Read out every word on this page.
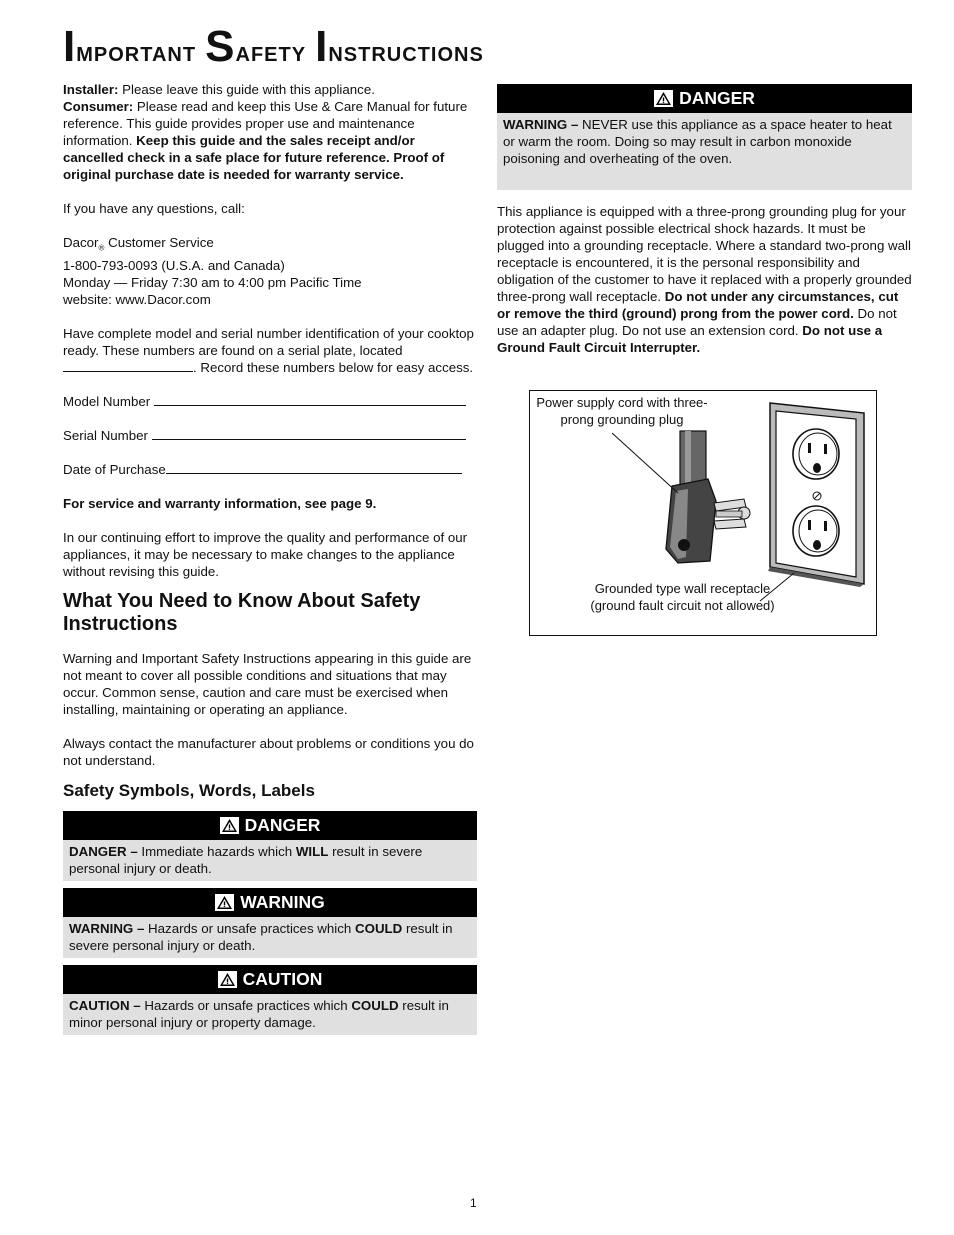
Important Safety Instructions

Installer: Please leave this guide with this appliance.

Consumer: Please read and keep this Use & Care Manual for future reference. This guide provides proper use and maintenance information. Keep this guide and the sales receipt and/or cancelled check in a safe place for future reference. Proof of original purchase date is needed for warranty service.

If you have any questions, call:

Dacor$_®$ Customer Service

1-800-793-0093 (U.S.A. and Canada)

Monday — Friday 7:30 am to 4:00 pm Pacific Time

website: www.Dacor.com

Have complete model and serial number identification of your cooktop ready. These numbers are found on a serial plate, located. Record these numbers below for easy access.

Model Number

Serial Number

Date of Purchase

For service and warranty information, see page 9.

In our continuing effort to improve the quality and performance of our appliances, it may be necessary to make changes to the appliance without revising this guide.

What You Need to Know About Safety Instructions

Warning and Important Safety Instructions appearing in this guide are not meant to cover all possible conditions and situations that may occur. Common sense, caution and care must be exercised when installing, maintaining or operating an appliance.

Always contact the manufacturer about problems or conditions you do not understand.

Safety Symbols, Words, Labels
DANGER
DANGER – Immediate hazards which WILL result in severe personal injury or death.
WARNING
WARNING – Hazards or unsafe practices which COULD result in severe personal injury or death.
CAUTION
CAUTION – Hazards or unsafe practices which COULD result in minor personal injury or property damage.
DANGER
WARNING – NEVER use this appliance as a space heater to heat or warm the room. Doing so may result in carbon monoxide poisoning and overheating of the oven.

This appliance is equipped with a three-prong grounding plug for your protection against possible electrical shock hazards. It must be plugged into a grounding receptacle. Where a standard two-prong wall receptacle is encountered, it is the personal responsibility and obligation of the customer to have it replaced with a properly grounded three-prong wall receptacle. Do not under any circumstances, cut or remove the third (ground) prong from the power cord. Do not use an adapter plug. Do not use an extension cord. Do not use a Ground Fault Circuit Interrupter.

Power supply cord with three-prong grounding plug
Grounded type wall receptacle (ground fault circuit not allowed)
1
